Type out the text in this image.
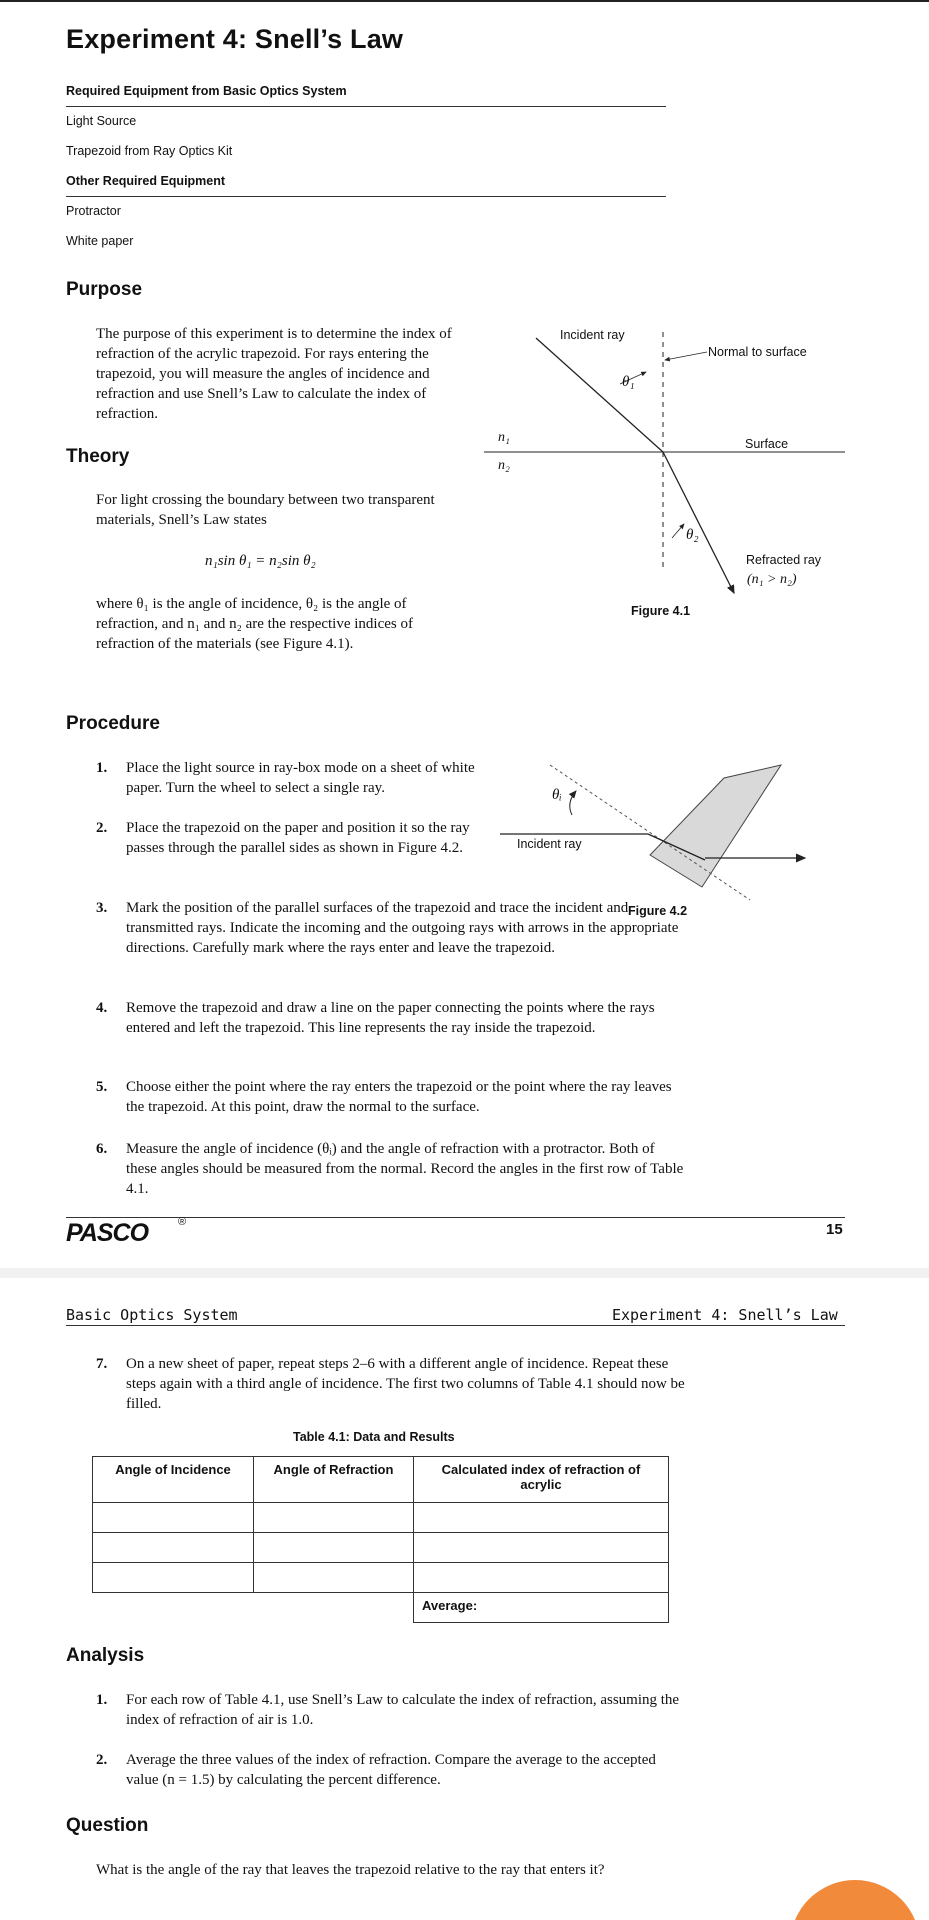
Experiment 4: Snell’s Law
Required Equipment from Basic Optics System
Light Source
Trapezoid from Ray Optics Kit
Other Required Equipment
Protractor
White paper
Purpose
The purpose of this experiment is to determine the index of refraction of the acrylic trapezoid. For rays entering the trapezoid, you will measure the angles of incidence and refraction and use Snell’s Law to calculate the index of refraction.
Theory
For light crossing the boundary between two transparent materials, Snell’s Law states
n₁sin θ₁ = n₂sin θ₂
where θ₁ is the angle of incidence, θ₂ is the angle of refraction, and n₁ and n₂ are the respective indices of refraction of the materials (see Figure 4.1).
Incident ray
Normal to surface
θ₁
n₁
n₂
Surface
θ₂
Refracted ray
(n₁ > n₂)
Figure 4.1
Procedure
1.	Place the light source in ray-box mode on a sheet of white paper. Turn the wheel to select a single ray.
2.	Place the trapezoid on the paper and position it so the ray passes through the parallel sides as shown in Figure 4.2.
3.	Mark the position of the parallel surfaces of the trapezoid and trace the incident and transmitted rays. Indicate the incoming and the outgoing rays with arrows in the appropriate directions. Carefully mark where the rays enter and leave the trapezoid.
4.	Remove the trapezoid and draw a line on the paper connecting the points where the rays entered and left the trapezoid. This line represents the ray inside the trapezoid.
5.	Choose either the point where the ray enters the trapezoid or the point where the ray leaves the trapezoid. At this point, draw the normal to the surface.
6.	Measure the angle of incidence (θᵢ) and the angle of refraction with a protractor. Both of these angles should be measured from the normal. Record the angles in the first row of Table 4.1.
θᵢ
Incident ray
Figure 4.2
PASCO	®	15
Basic Optics System	Experiment 4: Snell’s Law
7.	On a new sheet of paper, repeat steps 2–6 with a different angle of incidence. Repeat these steps again with a third angle of incidence. The first two columns of Table 4.1 should now be filled.
Table 4.1: Data and Results
Angle of Incidence	Angle of Refraction	Calculated index of refraction of acrylic

		Average:
Analysis
1.	For each row of Table 4.1, use Snell’s Law to calculate the index of refraction, assuming the index of refraction of air is 1.0.
2.	Average the three values of the index of refraction. Compare the average to the accepted value (n = 1.5) by calculating the percent difference.
Question
What is the angle of the ray that leaves the trapezoid relative to the ray that enters it?
